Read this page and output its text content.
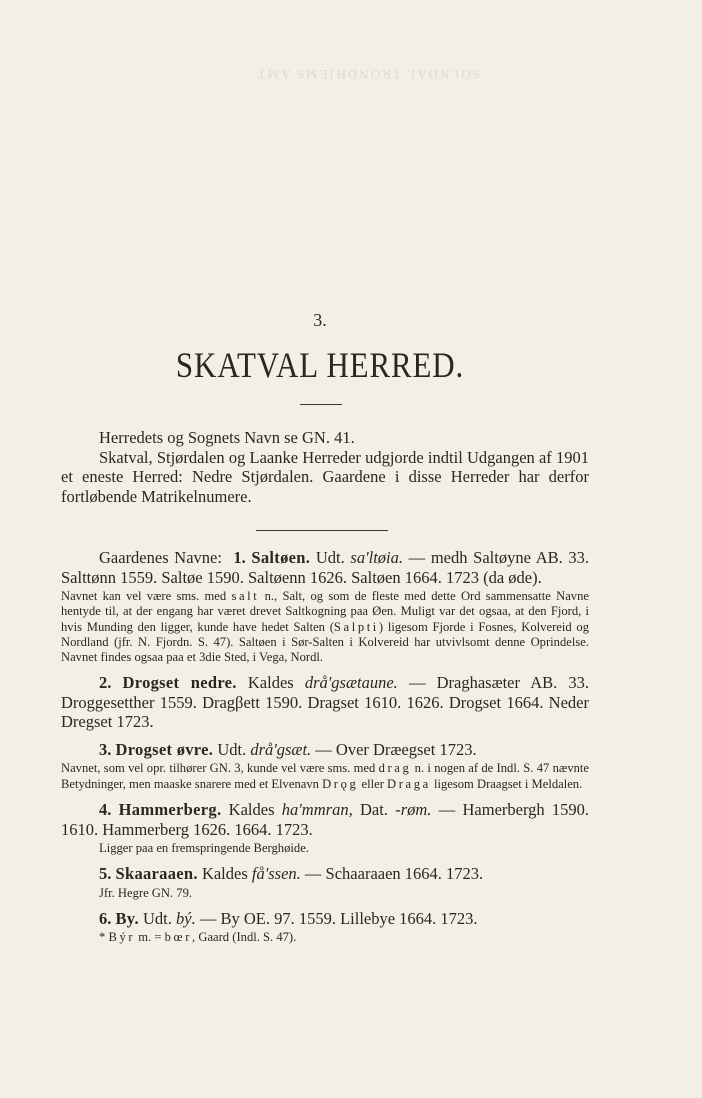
SOLNDAL TRONDHJEMS AMT
3.
SKATVAL HERRED.

Herredets og Sognets Navn se GN. 41.

Skatval, Stjørdalen og Laanke Herreder udgjorde indtil Udgangen af 1901 et eneste Herred: Nedre Stjørdalen. Gaardene i disse Herreder har derfor fortløbende Matrikelnumere.

Gaardenes Navne: 1. Saltøen. Udt. sa'ltøia. — medh Saltøyne AB. 33. Salttønn 1559. Saltøe 1590. Saltøenn 1626. Saltøen 1664. 1723 (da øde).

Navnet kan vel være sms. med salt n., Salt, og som de fleste med dette Ord sammensatte Navne hentyde til, at der engang har været drevet Saltkogning paa Øen. Muligt var det ogsaa, at den Fjord, i hvis Munding den ligger, kunde have hedet Salten (Salpti) ligesom Fjorde i Fosnes, Kolvereid og Nordland (jfr. N. Fjordn. S. 47). Saltøen i Sør-Salten i Kolvereid har utvivlsomt denne Oprindelse. Navnet findes ogsaa paa et 3die Sted, i Vega, Nordl.

2. Drogset nedre. Kaldes drå'gsætaune. — Draghasæter AB. 33. Droggesetther 1559. Dragβett 1590. Dragset 1610. 1626. Drogset 1664. Neder Dregset 1723.

3. Drogset øvre. Udt. drå'gsæt. — Over Dræegset 1723.

Navnet, som vel opr. tilhører GN. 3, kunde vel være sms. med drag n. i nogen af de Indl. S. 47 nævnte Betydninger, men maaske snarere med et Elvenavn Drǫg eller Draga ligesom Draagset i Meldalen.

4. Hammerberg. Kaldes ha'mmran, Dat. -røm. — Hamerbergh 1590. 1610. Hammerberg 1626. 1664. 1723.

Ligger paa en fremspringende Berghøide.

5. Skaaraaen. Kaldes få'ssen. — Schaaraaen 1664. 1723.

Jfr. Hegre GN. 79.

6. By. Udt. bý. — By OE. 97. 1559. Lillebye 1664. 1723.

* Býr m. = bœr, Gaard (Indl. S. 47).
